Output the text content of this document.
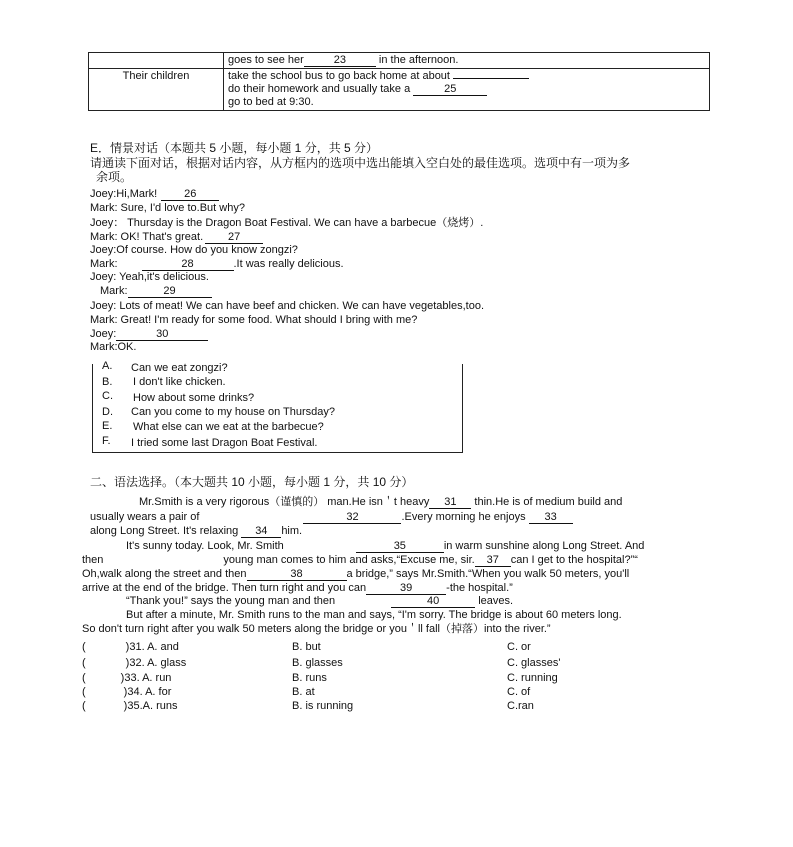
	goes to see her 23 in the afternoon.
Their children	take the school bus to go back home at about
do their homework and usually take a 25
go to bed at 9:30.
E．情景对话（本题共 5 小题，每小题 1 分，共 5 分）
请通读下面对话，根据对话内容，从方框内的选项中选出能填入空白处的最佳选项。选项中有一项为多
余项。
Joey:Hi,Mark! 26
Mark: Sure, I'd love to.But why?
Joey： Thursday is the Dragon Boat Festival. We can have a barbecue（烧烤）.
Mark: OK! That's great. 27
Joey:Of course. How do you know zongzi?
Mark:	28	.It was really delicious.
Joey: Yeah,it's delicious.
Mark:	29
Joey: Lots of meat! We can have beef and chicken. We can have vegetables,too.
Mark: Great! I'm ready for some food. What should I bring with me?
Joey:	30
Mark:OK.
A. Can we eat zongzi?
B. I don't like chicken.
C. How about some drinks?
D. Can you come to my house on Thursday?
E. What else can we eat at the barbecue?
F. I tried some last Dragon Boat Festival.
二、语法选择。（本大题共 10 小题，每小题 1 分，共 10 分）
Mr.Smith is a very rigorous（谨慎的） man.He isn＇t heavy 31 thin.He is of medium build and
usually wears a pair of	32	.Every morning he enjoys 33
along Long Street. It's relaxing 34 him.
It's sunny today. Look, Mr. Smith	35	in warm sunshine along Long Street. And
then	young man comes to him and asks,“Excuse me, sir. 37 can I get to the hospital?”“
Oh,walk along the street and then	38	a bridge,” says Mr.Smith.“When you walk 50 meters, you'll
arrive at the end of the bridge. Then turn right and you can	39	-the hospital.”
“Thank you!” says the young man and then	40	leaves.
But after a minute, Mr. Smith runs to the man and says, “I'm sorry. The bridge is about 60 meters long.
So don't turn right after you walk 50 meters along the bridge or you＇ll fall（掉落）into the river.”
(	)31. A. and	B. but	C. or
(	)32. A. glass	B. glasses	C. glasses'
(	)33. A. run	B. runs	C. running
(	)34. A. for	B. at	C. of
(	)35.A. runs	B. is running	C.ran
